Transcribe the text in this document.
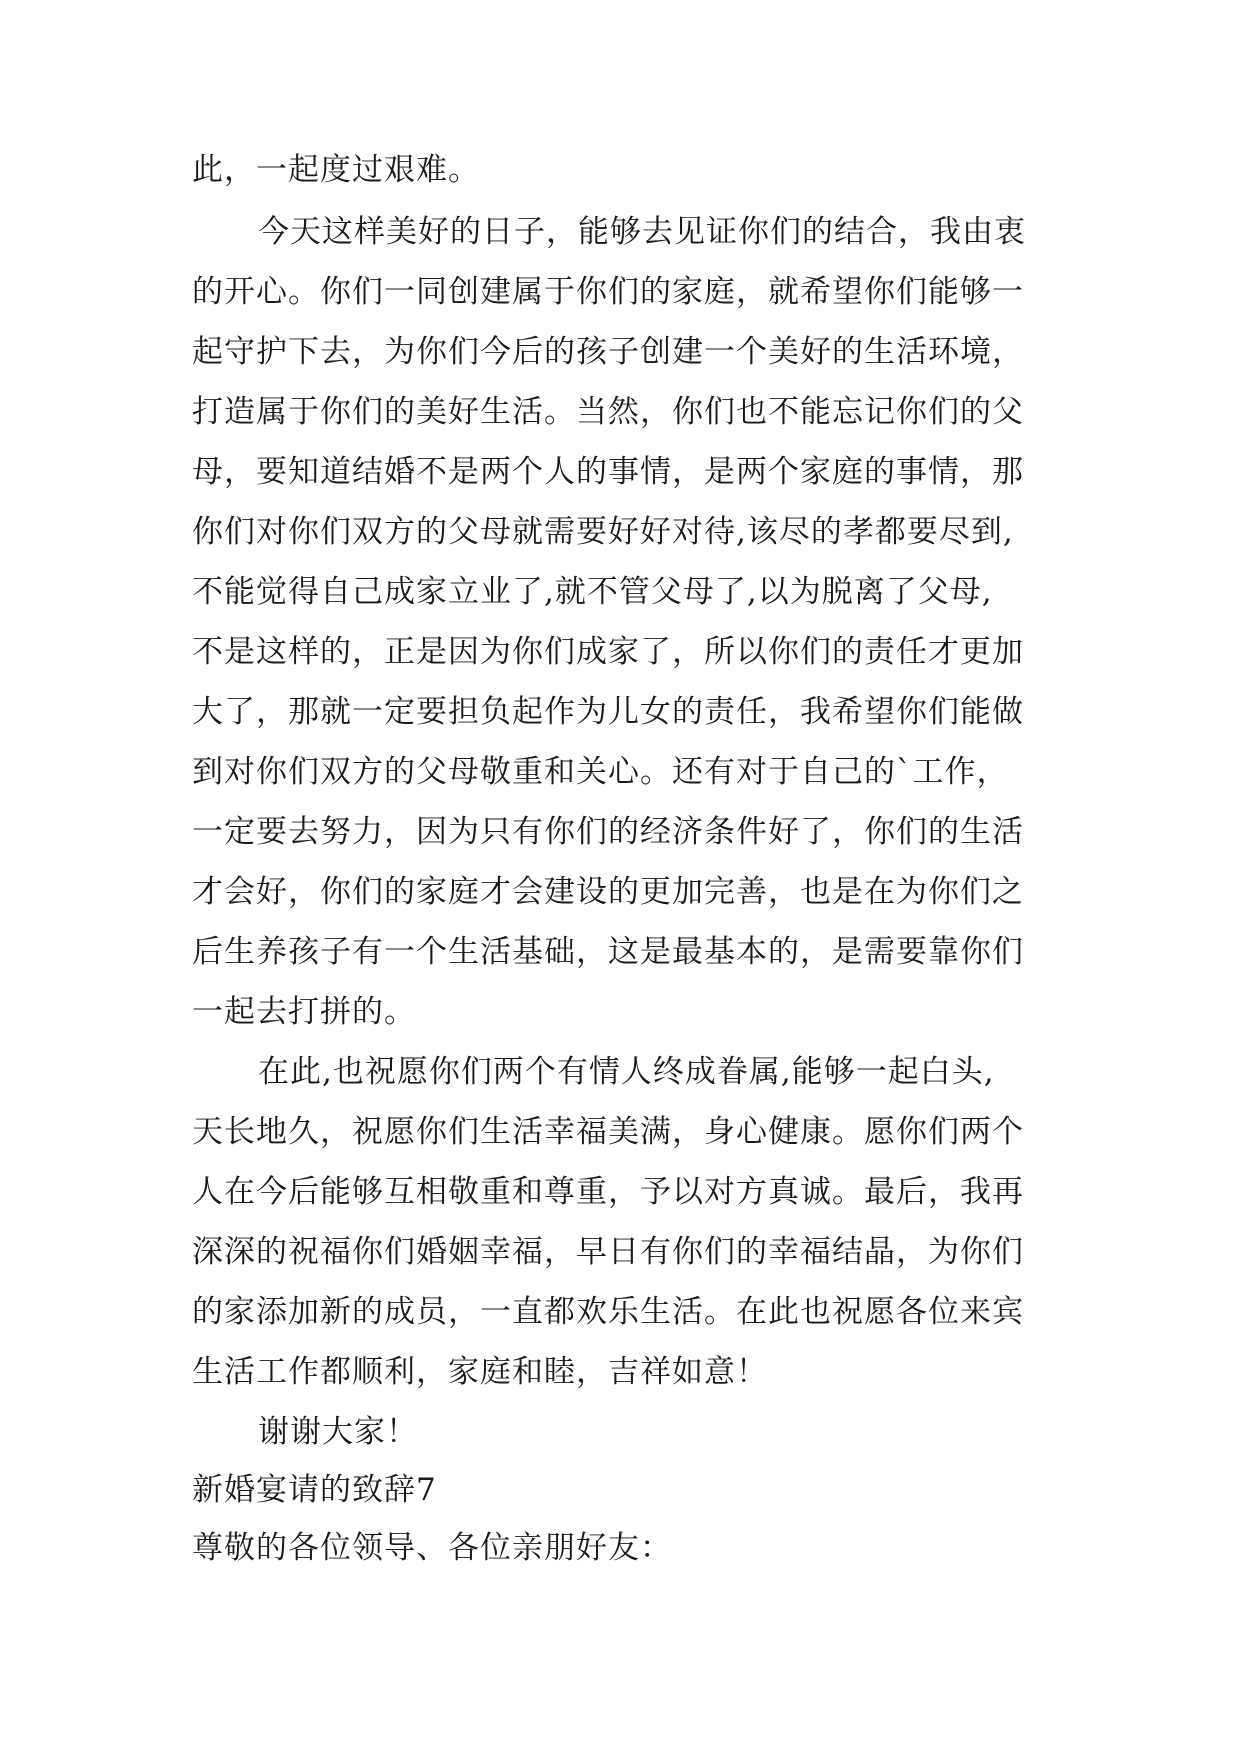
此，一起度过艰难。
今天这样美好的日子，能够去见证你们的结合，我由衷
的开心。你们一同创建属于你们的家庭，就希望你们能够一
起守护下去，为你们今后的孩子创建一个美好的生活环境，
打造属于你们的美好生活。当然，你们也不能忘记你们的父
母，要知道结婚不是两个人的事情，是两个家庭的事情，那
你们对你们双方的父母就需要好好对待,该尽的孝都要尽到,
不能觉得自己成家立业了,就不管父母了,以为脱离了父母,
不是这样的，正是因为你们成家了，所以你们的责任才更加
大了，那就一定要担负起作为儿女的责任，我希望你们能做
到对你们双方的父母敬重和关心。还有对于自己的`工作，
一定要去努力，因为只有你们的经济条件好了，你们的生活
才会好，你们的家庭才会建设的更加完善，也是在为你们之
后生养孩子有一个生活基础，这是最基本的，是需要靠你们
一起去打拼的。
在此,也祝愿你们两个有情人终成眷属,能够一起白头,
天长地久，祝愿你们生活幸福美满，身心健康。愿你们两个
人在今后能够互相敬重和尊重，予以对方真诚。最后，我再
深深的祝福你们婚姻幸福，早日有你们的幸福结晶，为你们
的家添加新的成员，一直都欢乐生活。在此也祝愿各位来宾
生活工作都顺利，家庭和睦，吉祥如意！
谢谢大家！
新婚宴请的致辞7
尊敬的各位领导、各位亲朋好友：
